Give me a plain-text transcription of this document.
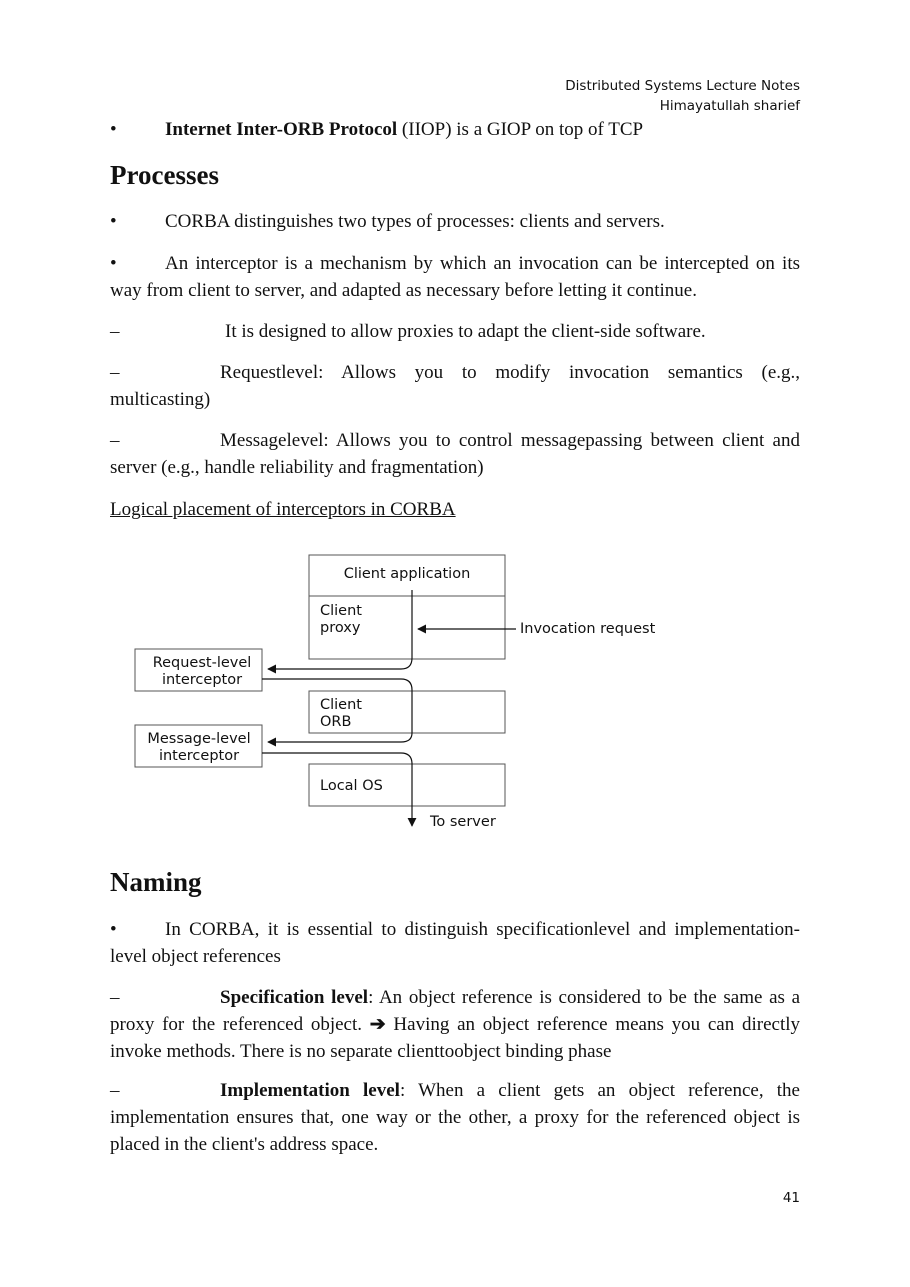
Distributed Systems Lecture Notes
Himayatullah sharief
•	Internet Inter-ORB Protocol (IIOP) is a GIOP on top of TCP
Processes
•	CORBA distinguishes two types of processes: clients and servers.
•	An interceptor is a mechanism by which an invocation can be intercepted on its way from client to server, and adapted as necessary before letting it continue.
–	It is designed to allow proxies to adapt the client-side software.
–	Requestlevel: Allows you to modify invocation semantics (e.g., multicasting)
–	Messagelevel: Allows you to control messagepassing between client and server (e.g., handle reliability and fragmentation)
Logical placement of interceptors in CORBA
Client application
Client
proxy	Invocation request
Request-level
interceptor
Client
ORB
Message-level
interceptor
Local OS
To server
Naming
•	In CORBA, it is essential to distinguish specificationlevel and implementation-level object references
–	Specification level: An object reference is considered to be the same as a proxy for the referenced object. ➔ Having an object reference means you can directly invoke methods. There is no separate clienttoobject binding phase
–	Implementation level: When a client gets an object reference, the implementation ensures that, one way or the other, a proxy for the referenced object is placed in the client's address space.
41
